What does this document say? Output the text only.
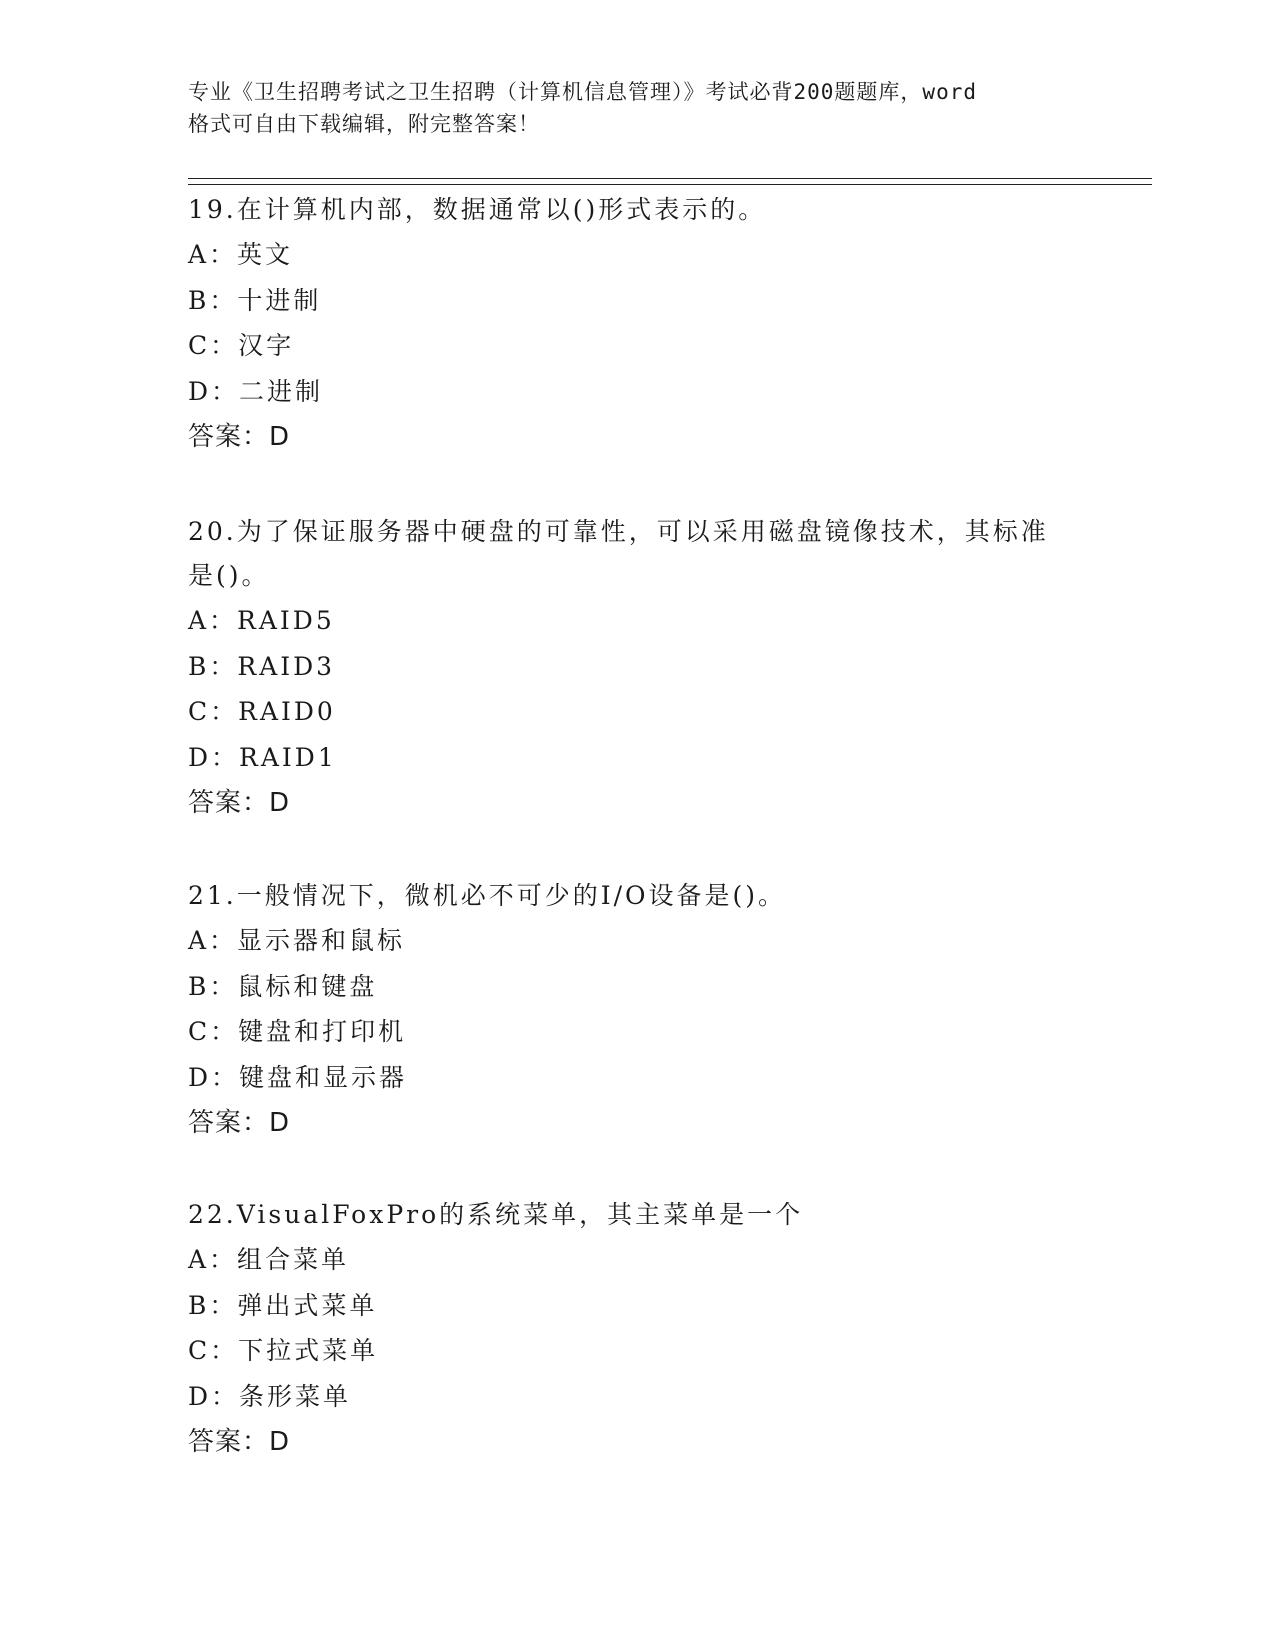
专业《卫生招聘考试之卫生招聘（计算机信息管理）》考试必背200题题库，word
格式可自由下载编辑，附完整答案！
19.在计算机内部，数据通常以()形式表示的。
A：英文
B：十进制
C：汉字
D：二进制
答案：D
20.为了保证服务器中硬盘的可靠性，可以采用磁盘镜像技术，其标准
是()。
A：RAID5
B：RAID3
C：RAID0
D：RAID1
答案：D
21.一般情况下，微机必不可少的I/O设备是()。
A：显示器和鼠标
B：鼠标和键盘
C：键盘和打印机
D：键盘和显示器
答案：D
22.VisualFoxPro的系统菜单，其主菜单是一个
A：组合菜单
B：弹出式菜单
C：下拉式菜单
D：条形菜单
答案：D
